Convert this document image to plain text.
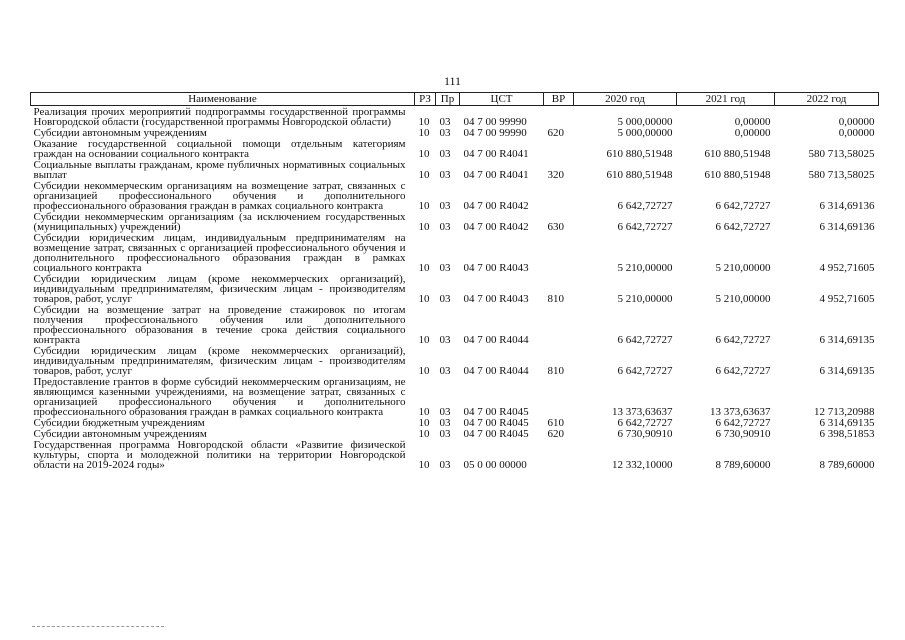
111
Наименование	РЗ	Пр	ЦСТ	ВР	2020 год	2021 год	2022 год

Реализация прочих мероприятий подпрограммы государственной программы Новгородской области (государственной программы Новгородской области)	10	03	04 7 00 99990		5 000,00000	0,00000	0,00000

Субсидии автономным учреждениям	10	03	04 7 00 99990	620	5 000,00000	0,00000	0,00000

Оказание государственной социальной помощи отдельным категориям граждан на основании социального контракта	10	03	04 7 00 R4041		610 880,51948	610 880,51948	580 713,58025

Социальные выплаты гражданам, кроме публичных нормативных социальных выплат	10	03	04 7 00 R4041	320	610 880,51948	610 880,51948	580 713,58025

Субсидии некоммерческим организациям на возмещение затрат, связанных с организацией профессионального обучения и дополнительного профессионального образования граждан в рамках социального контракта	10	03	04 7 00 R4042		6 642,72727	6 642,72727	6 314,69136

Субсидии некоммерческим организациям (за исключением государственных (муниципальных) учреждений)	10	03	04 7 00 R4042	630	6 642,72727	6 642,72727	6 314,69136

Субсидии юридическим лицам, индивидуальным предпринимателям на возмещение затрат, связанных с организацией профессионального обучения и дополнительного профессионального образования граждан в рамках социального контракта	10	03	04 7 00 R4043		5 210,00000	5 210,00000	4 952,71605

Субсидии юридическим лицам (кроме некоммерческих организаций), индивидуальным предпринимателям, физическим лицам - производителям товаров, работ, услуг	10	03	04 7 00 R4043	810	5 210,00000	5 210,00000	4 952,71605

Субсидии на возмещение затрат на проведение стажировок по итогам получения профессионального обучения или дополнительного профессионального образования в течение срока действия социального контракта	10	03	04 7 00 R4044		6 642,72727	6 642,72727	6 314,69135

Субсидии юридическим лицам (кроме некоммерческих организаций), индивидуальным предпринимателям, физическим лицам - производителям товаров, работ, услуг	10	03	04 7 00 R4044	810	6 642,72727	6 642,72727	6 314,69135

Предоставление грантов в форме субсидий некоммерческим организациям, не являющимся казенными учреждениями, на возмещение затрат, связанных с организацией профессионального обучения и дополнительного профессионального образования граждан в рамках социального контракта	10	03	04 7 00 R4045		13 373,63637	13 373,63637	12 713,20988

Субсидии бюджетным учреждениям	10	03	04 7 00 R4045	610	6 642,72727	6 642,72727	6 314,69135

Субсидии автономным учреждениям	10	03	04 7 00 R4045	620	6 730,90910	6 730,90910	6 398,51853

Государственная программа Новгородской области «Развитие физической культуры, спорта и молодежной политики на территории Новгородской области на 2019-2024 годы»	10	03	05 0 00 00000		12 332,10000	8 789,60000	8 789,60000
